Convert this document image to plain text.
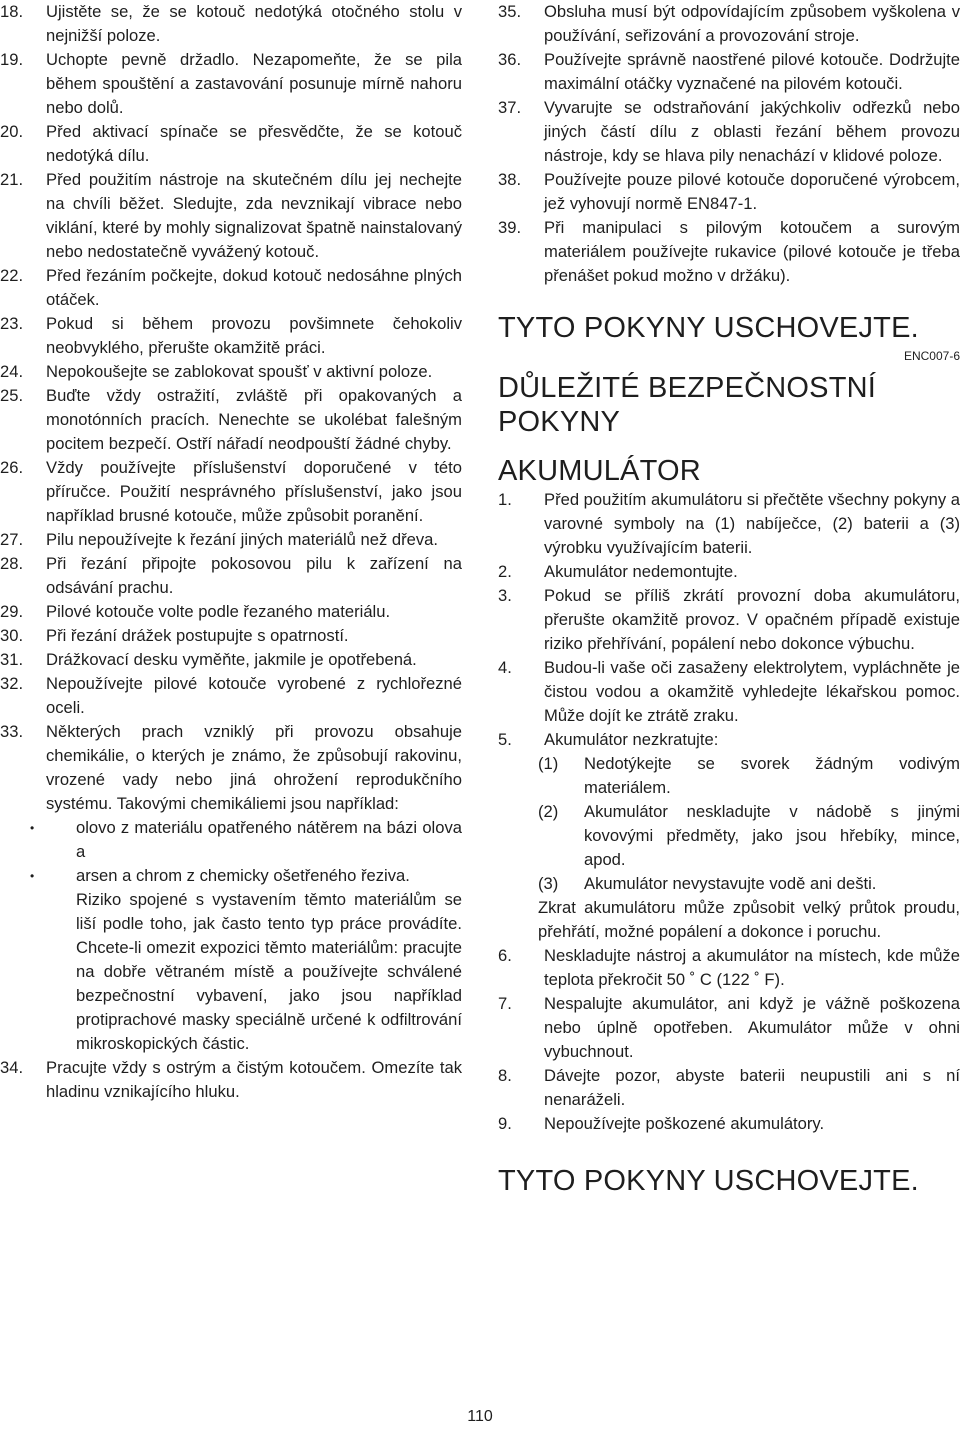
18.	Ujistěte se, že se kotouč nedotýká otočného stolu v nejnižší poloze.
19.	Uchopte pevně držadlo. Nezapomeňte, že se pila během spouštění a zastavování posunuje mírně nahoru nebo dolů.
20.	Před aktivací spínače se přesvědčte, že se kotouč nedotýká dílu.
21.	Před použitím nástroje na skutečném dílu jej nechejte na chvíli běžet. Sledujte, zda nevznikají vibrace nebo viklání, které by mohly signalizovat špatně nainstalovaný nebo nedostatečně vyvážený kotouč.
22.	Před řezáním počkejte, dokud kotouč nedosáhne plných otáček.
23.	Pokud si během provozu povšimnete čehokoliv neobvyklého, přerušte okamžitě práci.
24.	Nepokoušejte se zablokovat spoušť v aktivní poloze.
25.	Buďte vždy ostražití, zvláště při opakovaných a monotónních pracích. Nenechte se ukolébat falešným pocitem bezpečí. Ostří nářadí neodpouští žádné chyby.
26.	Vždy používejte příslušenství doporučené v této příručce. Použití nesprávného příslušenství, jako jsou například brusné kotouče, může způsobit poranění.
27.	Pilu nepoužívejte k řezání jiných materiálů než dřeva.
28.	Při řezání připojte pokosovou pilu k zařízení na odsávání prachu.
29.	Pilové kotouče volte podle řezaného materiálu.
30.	Při řezání drážek postupujte s opatrností.
31.	Drážkovací desku vyměňte, jakmile je opotřebená.
32.	Nepoužívejte pilové kotouče vyrobené z rychlořezné oceli.
33.	Některých prach vzniklý při provozu obsahuje chemikálie, o kterých je známo, že způsobují rakovinu, vrozené vady nebo jiná ohrožení reprodukčního systému. Takovými chemikáliemi jsou například:
•	olovo z materiálu opatřeného nátěrem na bázi olova a
•	arsen a chrom z chemicky ošetřeného řeziva.
Riziko spojené s vystavením těmto materiálům se liší podle toho, jak často tento typ práce provádíte. Chcete-li omezit expozici těmto materiálům: pracujte na dobře větraném místě a používejte schválené bezpečnostní vybavení, jako jsou například protiprachové masky speciálně určené k odfiltrování mikroskopických částic.
34.	Pracujte vždy s ostrým a čistým kotoučem. Omezíte tak hladinu vznikajícího hluku.
35.	Obsluha musí být odpovídajícím způsobem vyškolena v používání, seřizování a provozování stroje.
36.	Používejte správně naostřené pilové kotouče. Dodržujte maximální otáčky vyznačené na pilovém kotouči.
37.	Vyvarujte se odstraňování jakýchkoliv odřezků nebo jiných částí dílu z oblasti řezání během provozu nástroje, kdy se hlava pily nenachází v klidové poloze.
38.	Používejte pouze pilové kotouče doporučené výrobcem, jež vyhovují normě EN847-1.
39.	Při manipulaci s pilovým kotoučem a surovým materiálem používejte rukavice (pilové kotouče je třeba přenášet pokud možno v držáku).
TYTO POKYNY USCHOVEJTE.
ENC007-6
DŮLEŽITÉ BEZPEČNOSTNÍ POKYNY
AKUMULÁTOR
1.	Před použitím akumulátoru si přečtěte všechny pokyny a varovné symboly na (1) nabíječce, (2) baterii a (3) výrobku využívajícím baterii.
2.	Akumulátor nedemontujte.
3.	Pokud se příliš zkrátí provozní doba akumulátoru, přerušte okamžitě provoz. V opačném případě existuje riziko přehřívání, popálení nebo dokonce výbuchu.
4.	Budou-li vaše oči zasaženy elektrolytem, vypláchněte je čistou vodou a okamžitě vyhledejte lékařskou pomoc. Může dojít ke ztrátě zraku.
5.	Akumulátor nezkratujte:
(1)	Nedotýkejte se svorek žádným vodivým materiálem.
(2)	Akumulátor neskladujte v nádobě s jinými kovovými předměty, jako jsou hřebíky, mince, apod.
(3)	Akumulátor nevystavujte vodě ani dešti.
Zkrat akumulátoru může způsobit velký průtok proudu, přehřátí, možné popálení a dokonce i poruchu.
6.	Neskladujte nástroj a akumulátor na místech, kde může teplota překročit 50 ˚ C (122 ˚ F).
7.	Nespalujte akumulátor, ani když je vážně poškozena nebo úplně opotřeben. Akumulátor může v ohni vybuchnout.
8.	Dávejte pozor, abyste baterii neupustili ani s ní nenaráželi.
9.	Nepoužívejte poškozené akumulátory.
TYTO POKYNY USCHOVEJTE.
110
